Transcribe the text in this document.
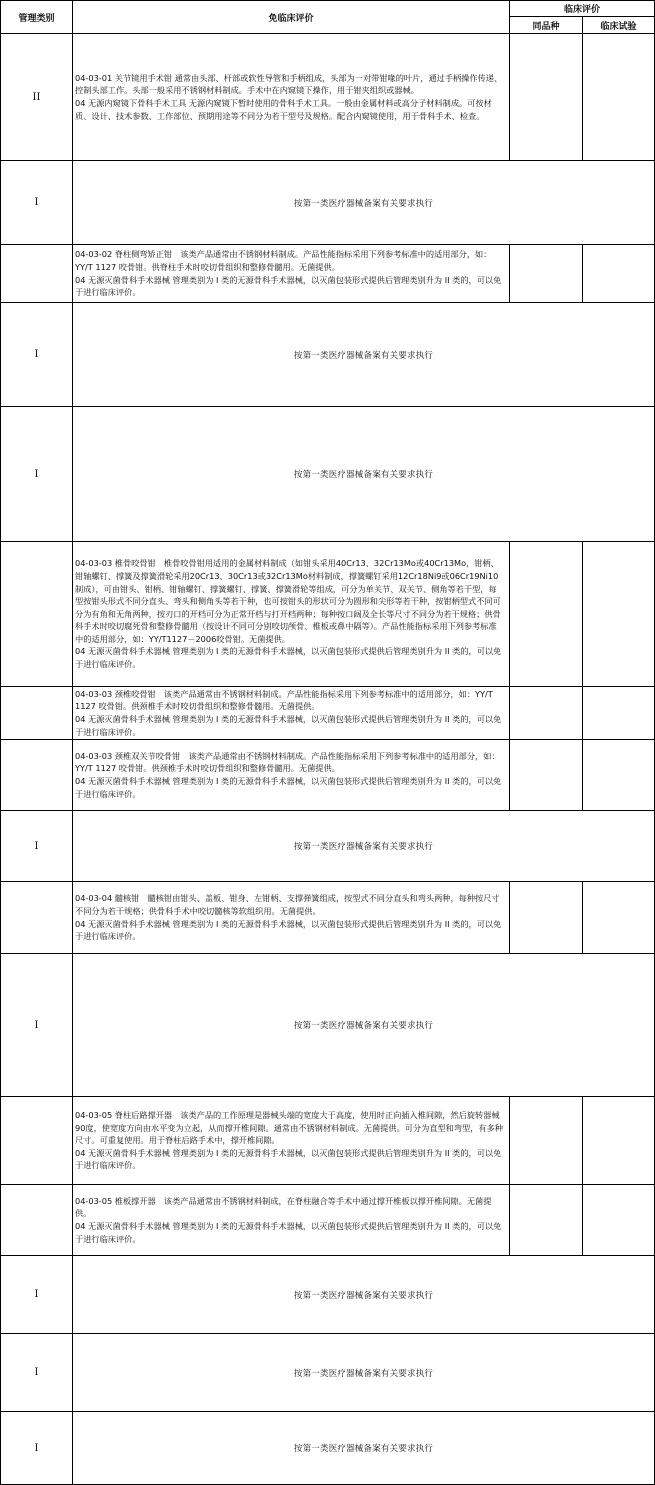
管理类别	免临床评价	临床评价	
		同品种	临床试验
II	04-03-01 关节镜用手术钳 通常由头部、杆部或软性导管和手柄组成，头部为一对带钳喙的叶片，通过手柄操作传递、控制头部工作。头部一般采用不锈钢材料制成。手术中在内窥镜下操作，用于钳夹组织或器械。
04 无源内窥镜下骨科手术工具 无源内窥镜下暂时使用的骨科手术工具。一般由金属材料或高分子材料制成。可按材质、设计、技术参数、工作部位、预期用途等不同分为若干型号及规格。配合内窥镜使用，用于骨科手术、检查。		

I	按第一类医疗器械备案有关要求执行		

	04-03-02 脊柱侧弯矫正钳　该类产品通常由不锈钢材料制成。产品性能指标采用下列参考标准中的适用部分，如：YY/T 1127 咬骨钳。供脊柱手术时咬切骨组织和整修骨髓用。无菌提供。
04 无源灭菌骨科手术器械 管理类别为 I 类的无源骨科手术器械，以灭菌包装形式提供后管理类别升为 II 类的，可以免于进行临床评价。		

I	按第一类医疗器械备案有关要求执行		
I	按第一类医疗器械备案有关要求执行		

	04-03-03 椎骨咬骨钳　椎骨咬骨钳用适用的金属材料制成（如钳头采用40Cr13、32Cr13Mo或40Cr13Mo，钳柄、钳轴螺钉、撑簧及撑簧滑轮采用20Cr13、30Cr13或32Cr13Mo材料制成，撑簧螺钉采用12Cr18Ni9或06Cr19Ni10制成），可由钳头、钳柄、钳轴螺钉、撑簧螺钉、撑簧、撑簧滑轮等组成，可分为单关节、双关节、侧角等若干型，每型按钳头形式不同分直头、弯头和侧角头等若干种，也可按钳头的形状可分为圆形和尖形等若干种，按钳柄型式不同可分为有角和无角两种，按刃口的开档可分为正常开档与打开档两种；每种按口阔及全长等尺寸不同分为若干规格；供骨科手术时咬切腐死骨和整修骨髓用（按设计不同可分别咬切颅骨、椎板或鼻中隔等）。产品性能指标采用下列参考标准中的适用部分，如：YY/T1127－2006咬骨钳。无菌提供。
04 无源灭菌骨科手术器械 管理类别为 I 类的无源骨科手术器械，以灭菌包装形式提供后管理类别升为 II 类的，可以免于进行临床评价。		

	04-03-03 颈椎咬骨钳　该类产品通常由不锈钢材料制成。产品性能指标采用下列参考标准中的适用部分，如：YY/T 1127 咬骨钳。供颈椎手术时咬切骨组织和整修骨髓用。无菌提供。
04 无源灭菌骨科手术器械 管理类别为 I 类的无源骨科手术器械，以灭菌包装形式提供后管理类别升为 II 类的，可以免于进行临床评价。		

	04-03-03 颈椎双关节咬骨钳　该类产品通常由不锈钢材料制成。产品性能指标采用下列参考标准中的适用部分，如：YY/T 1127 咬骨钳。供颈椎手术时咬切骨组织和整修骨髓用。无菌提供。
04 无源灭菌骨科手术器械 管理类别为 I 类的无源骨科手术器械，以灭菌包装形式提供后管理类别升为 II 类的，可以免于进行临床评价。		

I	按第一类医疗器械备案有关要求执行		

	04-03-04 髓核钳　髓核钳由钳头、盖板、钳身、左钳柄、支撑弹簧组成，按型式不同分直头和弯头两种，每种按尺寸不同分为若干规格；供骨科手术中咬切髓核等软组织用。无菌提供。
04 无源灭菌骨科手术器械 管理类别为 I 类的无源骨科手术器械，以灭菌包装形式提供后管理类别升为 II 类的，可以免于进行临床评价。		

I	按第一类医疗器械备案有关要求执行		

	04-03-05 脊柱后路撑开器　该类产品的工作原理是器械头端的宽度大于高度，使用时正向插入椎间隙，然后旋转器械90度，使宽度方向由水平变为立起，从而撑开椎间隙。通常由不锈钢材料制成。无菌提供。可分为直型和弯型，有多种尺寸。可重复使用。用于脊柱后路手术中，撑开椎间隙。
04 无源灭菌骨科手术器械 管理类别为 I 类的无源骨科手术器械，以灭菌包装形式提供后管理类别升为 II 类的，可以免于进行临床评价。		

	04-03-05 椎板撑开器　该类产品通常由不锈钢材料制成，在脊柱融合等手术中通过撑开椎板以撑开椎间隙。无菌提供。
04 无源灭菌骨科手术器械 管理类别为 I 类的无源骨科手术器械，以灭菌包装形式提供后管理类别升为 II 类的，可以免于进行临床评价。		

I	按第一类医疗器械备案有关要求执行		
I	按第一类医疗器械备案有关要求执行		
I	按第一类医疗器械备案有关要求执行		
